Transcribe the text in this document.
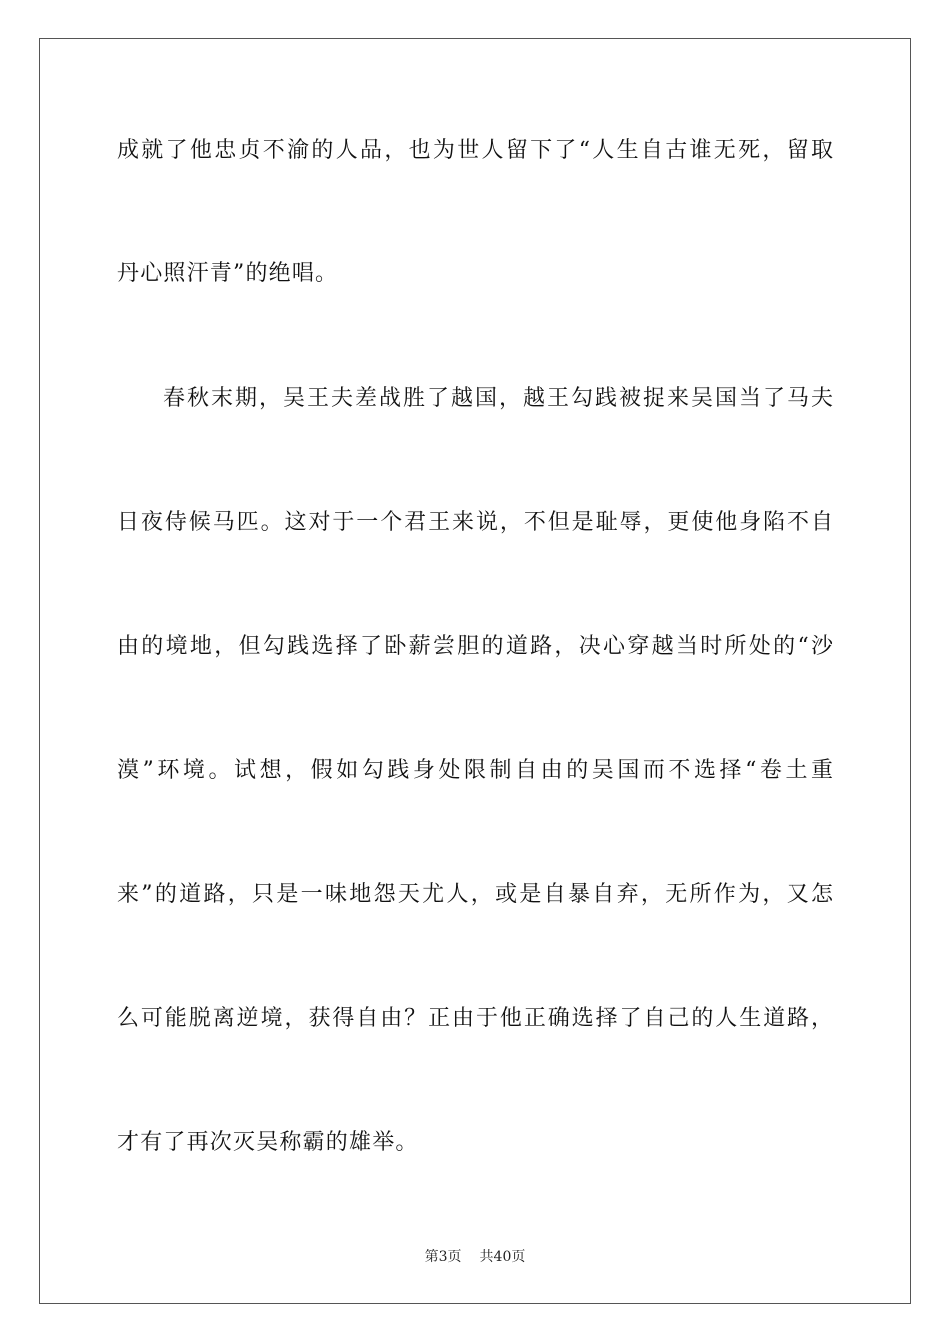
成就了他忠贞不渝的人品，也为世人留下了“人生自古谁无死，留取
丹心照汗青”的绝唱。
春秋末期，吴王夫差战胜了越国，越王勾践被捉来吴国当了马夫
日夜侍候马匹。这对于一个君王来说，不但是耻辱，更使他身陷不自
由的境地，但勾践选择了卧薪尝胆的道路，决心穿越当时所处的“沙
漠”环境。试想，假如勾践身处限制自由的吴国而不选择“卷土重
来”的道路，只是一味地怨天尤人，或是自暴自弃，无所作为，又怎
么可能脱离逆境，获得自由？正由于他正确选择了自己的人生道路，
才有了再次灭吴称霸的雄举。
第3页 共40页
